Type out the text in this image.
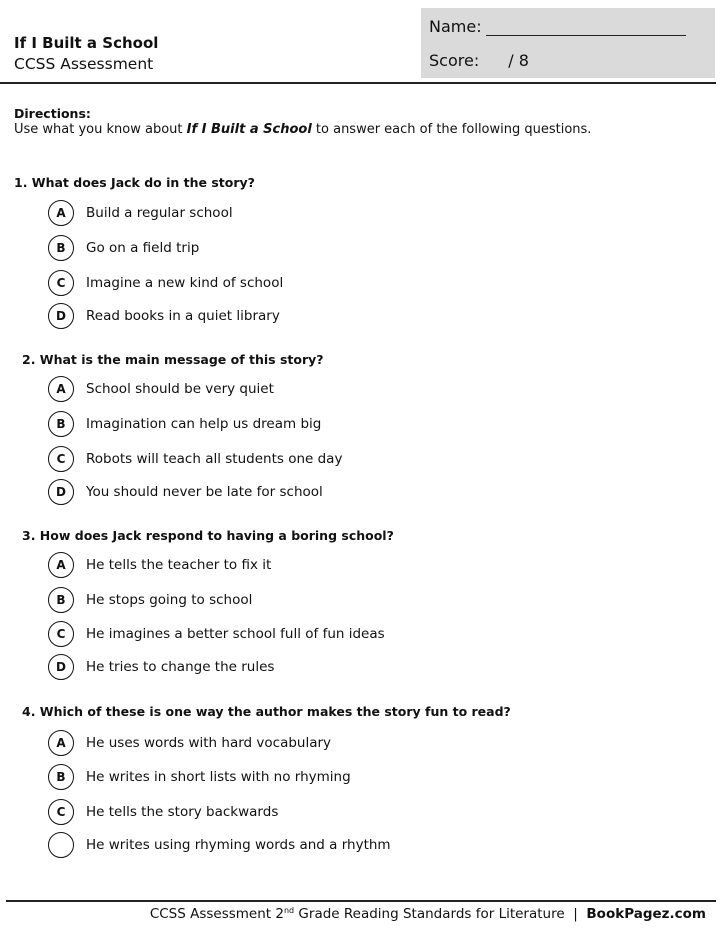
If I Built a School
CCSS Assessment
Name:
Score: / 8
Directions:
Use what you know about If I Built a School to answer each of the following questions.
1. What does Jack do in the story?
A	Build a regular school
B	Go on a field trip
C	Imagine a new kind of school
D	Read books in a quiet library
2. What is the main message of this story?
A	School should be very quiet
B	Imagination can help us dream big
C	Robots will teach all students one day
D	You should never be late for school
3. How does Jack respond to having a boring school?
A	He tells the teacher to fix it
B	He stops going to school
C	He imagines a better school full of fun ideas
D	He tries to change the rules
4. Which of these is one way the author makes the story fun to read?
A	He uses words with hard vocabulary
B	He writes in short lists with no rhyming
C	He tells the story backwards
He writes using rhyming words and a rhythm
CCSS Assessment 2nd Grade Reading Standards for Literature  |  BookPagez.com
